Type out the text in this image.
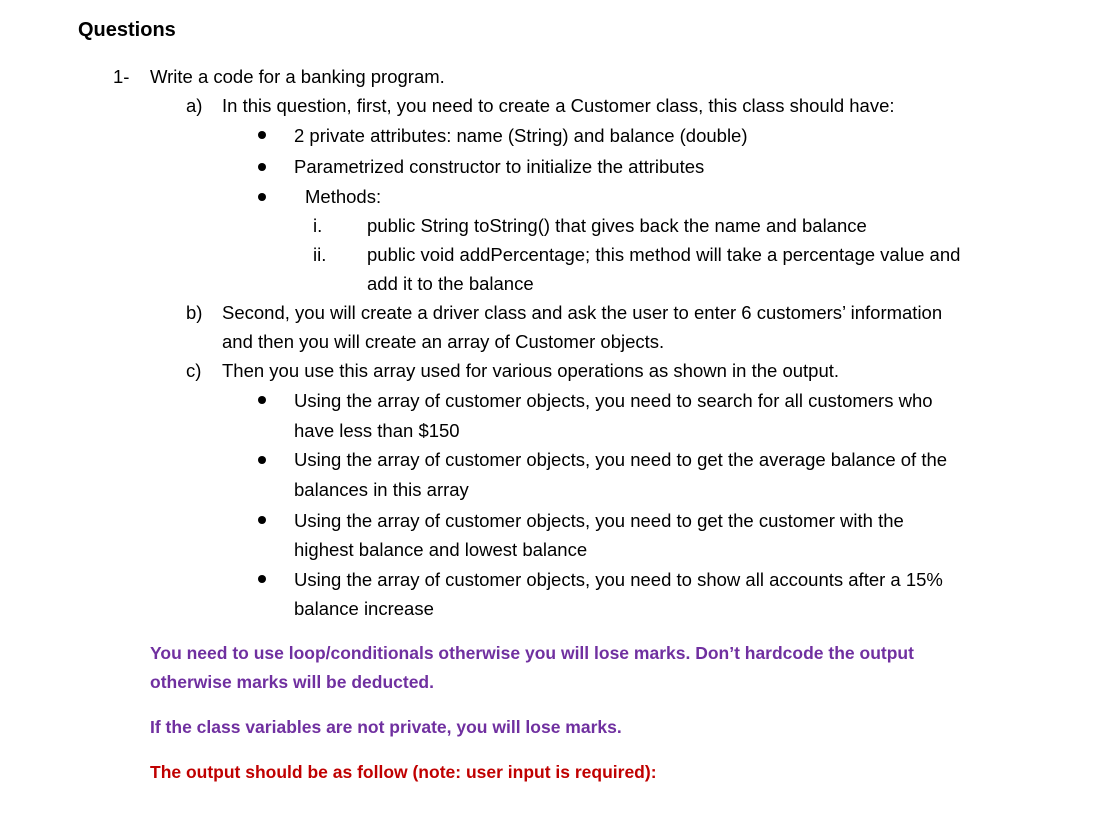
Questions
1- Write a code for a banking program.
a) In this question, first, you need to create a Customer class, this class should have:
2 private attributes: name (String) and balance (double)
Parametrized constructor to initialize the attributes
Methods:
i. public String toString() that gives back the name and balance
ii. public void addPercentage; this method will take a percentage value and
add it to the balance
b) Second, you will create a driver class and ask the user to enter 6 customers’ information
and then you will create an array of Customer objects.
c) Then you use this array used for various operations as shown in the output.
Using the array of customer objects, you need to search for all customers who
have less than $150
Using the array of customer objects, you need to get the average balance of the
balances in this array
Using the array of customer objects, you need to get the customer with the
highest balance and lowest balance
Using the array of customer objects, you need to show all accounts after a 15%
balance increase
You need to use loop/conditionals otherwise you will lose marks. Don’t hardcode the output
otherwise marks will be deducted.
If the class variables are not private, you will lose marks.
The output should be as follow (note: user input is required):
